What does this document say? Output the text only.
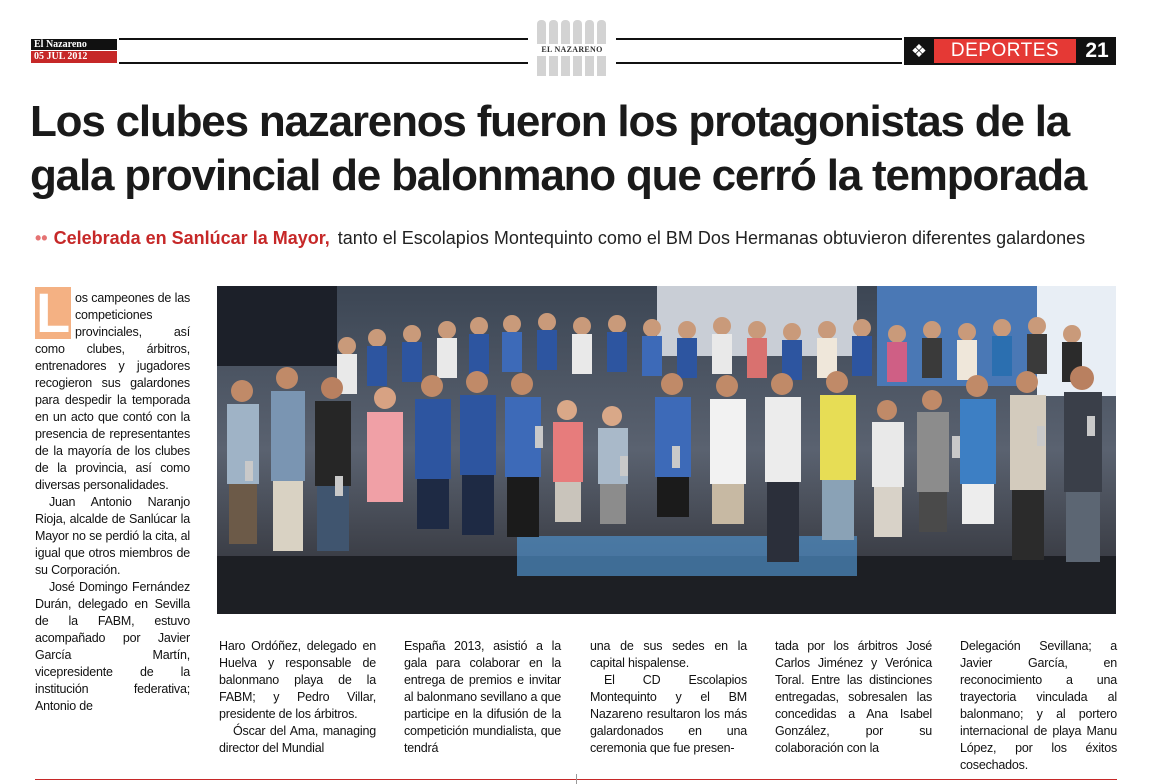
El Nazareno
05 JUL 2012
EL NAZARENO	❖	DEPORTES	21
Los clubes nazarenos fueron los protagonistas de la
gala provincial de balonmano que cerró la temporada
•• Celebrada en Sanlúcar la Mayor, tanto el Escolapios Montequinto como el BM Dos Hermanas obtuvieron diferentes galardones

L os campeones de las competiciones provinciales, así como clubes, árbitros, entrenadores y jugadores recogieron sus galardones para despedir la temporada en un acto que contó con la presencia de representantes de la mayoría de los clubes de la provincia, así como diversas personalidades.

Juan Antonio Naranjo Rioja, alcalde de Sanlúcar la Mayor no se perdió la cita, al igual que otros miembros de su Corporación.

José Domingo Fernández Durán, delegado en Sevilla de la FABM, estuvo acompañado por Javier García Martín, vicepresidente de la institución federativa; Antonio de

Haro Ordóñez, delegado en Huelva y responsable de balonmano playa de la FABM; y Pedro Villar, presidente de los árbitros.

Óscar del Ama, managing director del Mundial

España 2013, asistió a la gala para colaborar en la entrega de premios e invitar al balonmano sevillano a que participe en la difusión de la competición mundialista, que tendrá

una de sus sedes en la capital hispalense.

El CD Escolapios Montequinto y el BM Nazareno resultaron los más galardonados en una ceremonia que fue presen-

tada por los árbitros José Carlos Jiménez y Verónica Toral. Entre las distinciones entregadas, sobresalen las concedidas a Ana Isabel González, por su colaboración con la

Delegación Sevillana; a Javier García, en reconocimiento a una trayectoria vinculada al balonmano; y al portero internacional de playa Manu López, por los éxitos cosechados.
